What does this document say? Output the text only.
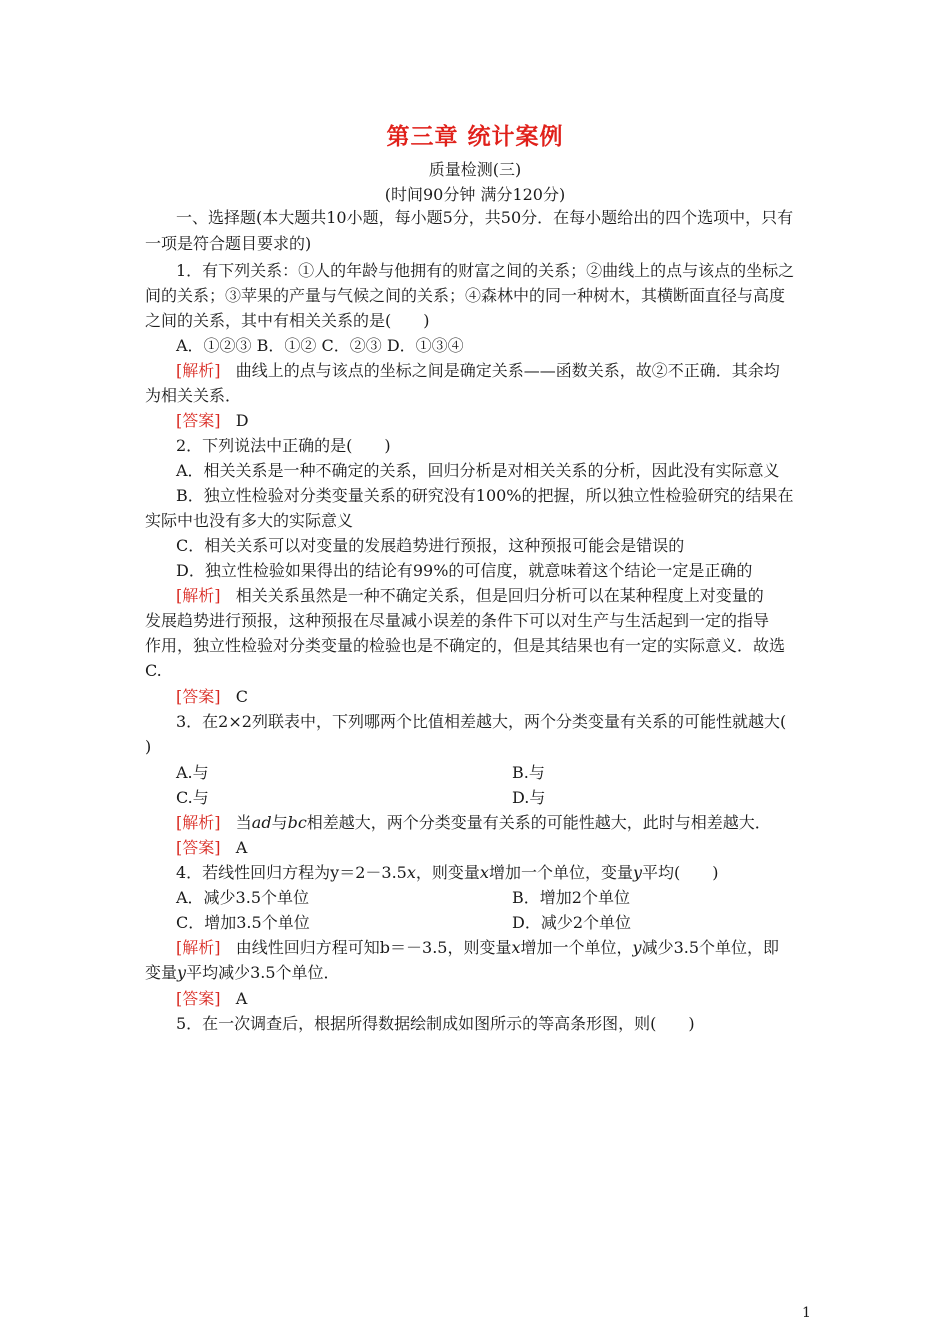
第三章 统计案例
质量检测(三)
(时间90分钟 满分120分)
一、选择题(本大题共10小题，每小题5分，共50分．在每小题给出的四个选项中，只有
一项是符合题目要求的)
1．有下列关系：①人的年龄与他拥有的财富之间的关系；②曲线上的点与该点的坐标之
间的关系；③苹果的产量与气候之间的关系；④森林中的同一种树木，其横断面直径与高度
之间的关系，其中有相关关系的是(　　)
A．①②③ B．①② C．②③ D．①③④
[解析] 曲线上的点与该点的坐标之间是确定关系——函数关系，故②不正确．其余均
为相关关系．
[答案] D
2．下列说法中正确的是(　　)
A．相关关系是一种不确定的关系，回归分析是对相关关系的分析，因此没有实际意义
B．独立性检验对分类变量关系的研究没有100%的把握，所以独立性检验研究的结果在
实际中也没有多大的实际意义
C．相关关系可以对变量的发展趋势进行预报，这种预报可能会是错误的
D．独立性检验如果得出的结论有99%的可信度，就意味着这个结论一定是正确的
[解析] 相关关系虽然是一种不确定关系，但是回归分析可以在某种程度上对变量的
发展趋势进行预报，这种预报在尽量减小误差的条件下可以对生产与生活起到一定的指导
作用，独立性检验对分类变量的检验也是不确定的，但是其结果也有一定的实际意义．故选
C.
[答案] C
3．在2×2列联表中，下列哪两个比值相差越大，两个分类变量有关系的可能性就越大(
)
A.与	B.与
C.与	D.与
[解析] 当ad与bc相差越大，两个分类变量有关系的可能性越大，此时与相差越大．
[答案] A
4．若线性回归方程为y＝2－3.5x，则变量x增加一个单位，变量y平均(　　)
A．减少3.5个单位	B．增加2个单位
C．增加3.5个单位	D．减少2个单位
[解析] 由线性回归方程可知b＝－3.5，则变量x增加一个单位，y减少3.5个单位，即
变量y平均减少3.5个单位．
[答案] A
5．在一次调查后，根据所得数据绘制成如图所示的等高条形图，则(　　)
1
